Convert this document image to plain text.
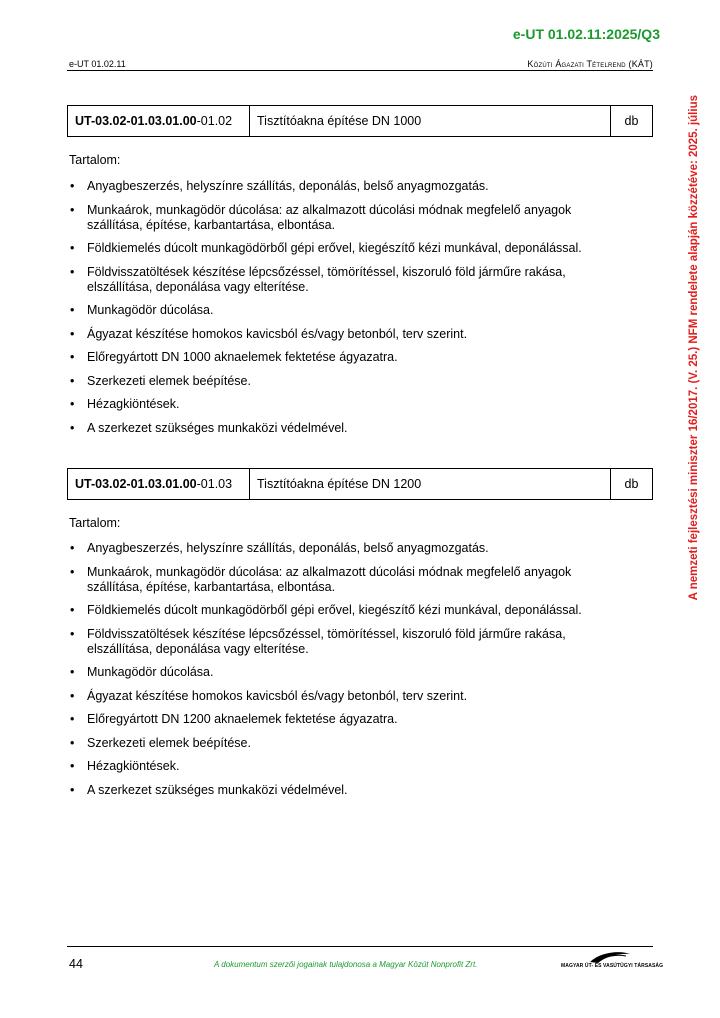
e-UT 01.02.11:2025/Q3
e-UT 01.02.11	Közúti Ágazati Tételrend (KÁT)
UT-03.02-01.03.01.00 -01.02	Tisztítóakna építése DN 1000	db
Tartalom:
• Anyagbeszerzés, helyszínre szállítás, deponálás, belső anyagmozgatás.
• Munkaárok, munkagödör dúcolása: az alkalmazott dúcolási módnak megfelelő anyagok szállítása, építése, karbantartása, elbontása.
• Földkiemelés dúcolt munkagödörből gépi erővel, kiegészítő kézi munkával, deponálással.
• Földvisszatöltések készítése lépcsőzéssel, tömörítéssel, kiszoruló föld járműre rakása, elszállítása, deponálása vagy elterítése.
• Munkagödör dúcolása.
• Ágyazat készítése homokos kavicsból és/vagy betonból, terv szerint.
• Előregyártott DN 1000 aknaelemek fektetése ágyazatra.
• Szerkezeti elemek beépítése.
• Hézagkiöntések.
• A szerkezet szükséges munkaközi védelmével.
UT-03.02-01.03.01.00 -01.03	Tisztítóakna építése DN 1200	db
Tartalom:
• Anyagbeszerzés, helyszínre szállítás, deponálás, belső anyagmozgatás.
• Munkaárok, munkagödör dúcolása: az alkalmazott dúcolási módnak megfelelő anyagok szállítása, építése, karbantartása, elbontása.
• Földkiemelés dúcolt munkagödörből gépi erővel, kiegészítő kézi munkával, deponálással.
• Földvisszatöltések készítése lépcsőzéssel, tömörítéssel, kiszoruló föld járműre rakása, elszállítása, deponálása vagy elterítése.
• Munkagödör dúcolása.
• Ágyazat készítése homokos kavicsból és/vagy betonból, terv szerint.
• Előregyártott DN 1200 aknaelemek fektetése ágyazatra.
• Szerkezeti elemek beépítése.
• Hézagkiöntések.
• A szerkezet szükséges munkaközi védelmével.
A nemzeti fejlesztési miniszter 16/2017. (V. 25.) NFM rendelete alapján közzétéve: 2025. július
44	A dokumentum szerzői jogainak tulajdonosa a Magyar Közút Nonprofit Zrt.	MAGYAR ÚT- ÉS VASÚTÜGYI TÁRSASÁG
